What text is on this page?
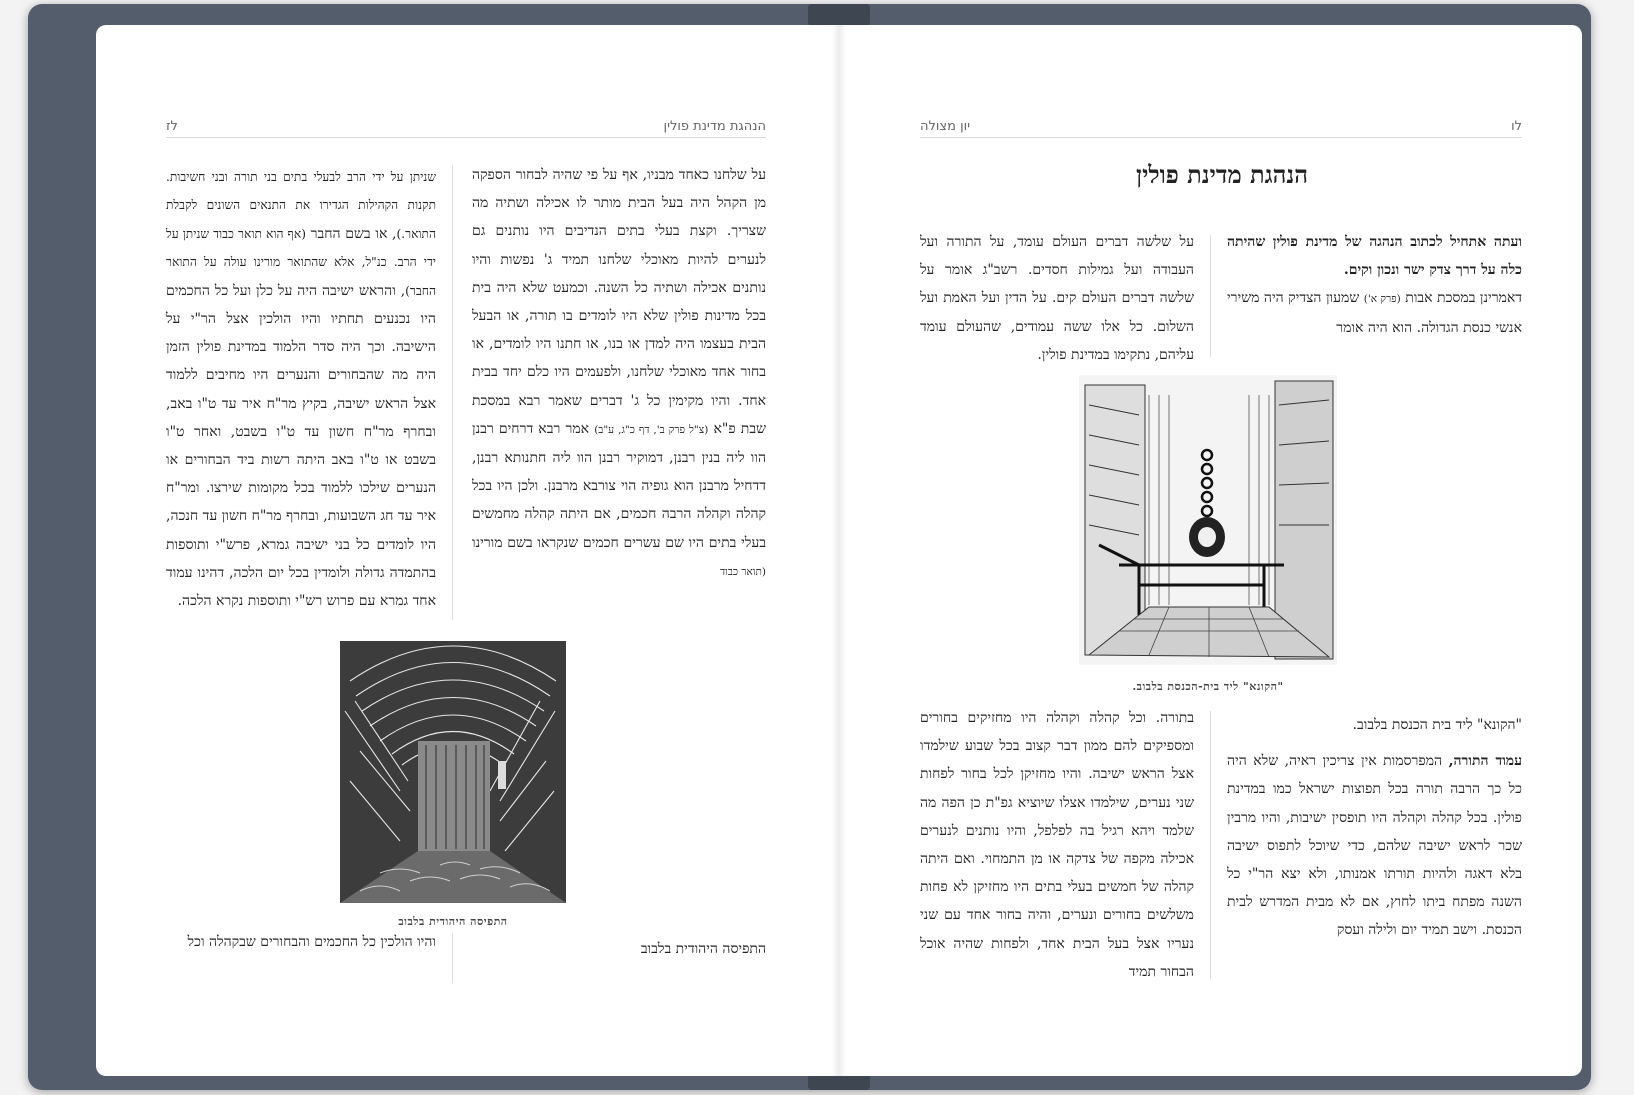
הנהגת מדינת פולין
לז

על שלחנו כאחד מבניו, אף על פי שהיה לבחור הספקה מן הקהל היה בעל הבית מותר לו אכילה ושתיה מה שצריך. וקצת בעלי בתים הנדיבים היו נותנים גם לנערים להיות מאוכלי שלחנו תמיד ג' נפשות והיו נותנים אכילה ושתיה כל השנה. וכמעט שלא היה בית בכל מדינות פולין שלא היו לומדים בו תורה, או הבעל הבית בעצמו היה למדן או בנו, או חתנו היו לומדים, או בחור אחד מאוכלי שלחנו, ולפעמים היו כלם יחד בבית אחד. והיו מקימין כל ג' דברים שאמר רבא במסכת שבת פ"א (צ"ל פרק ב', דף כ"ג, ע"ב) אמר רבא דרחים רבנן הוו ליה בנין רבנן, דמוקיר רבנן הוו ליה חתנותא רבנן, דדחיל מרבנן הוא גופיה הוי צורבא מרבנן. ולכן היו בכל קהלה וקהלה הרבה חכמים, אם היתה קהלה מחמשים בעלי בתים היו שם עשרים חכמים שנקראו בשם מורינו (תואר כבוד

שניתן על ידי הרב לבעלי בתים בני תורה ובני חשיבות. תקנות הקהילות הגדירו את התנאים השונים לקבלת התואר.), או בשם החבר (אף הוא תואר כבוד שניתן על ידי הרב. כנ"ל, אלא שהתואר מורינו עולה על התואר החבר), והראש ישיבה היה על כלן ועל כל החכמים היו נכנעים תחתיו והיו הולכין אצל הר"י על הישיבה. וכך היה סדר הלמוד במדינת פולין הזמן היה מה שהבחורים והנערים היו מחיבים ללמוד אצל הראש ישיבה, בקיץ מר"ח איר עד ט"ו באב, ובחרף מר"ח חשון עד ט"ו בשבט, ואחר ט"ו בשבט או ט"ו באב היתה רשות ביד הבחורים או הנערים שילכו ללמוד בכל מקומות שירצו. ומר"ח איר עד חג השבועות, ובחרף מר"ח חשון עד חנכה, היו לומדים כל בני ישיבה גמרא, פרש"י ותוספות בהתמדה גדולה ולומדין בכל יום הלכה, דהינו עמוד אחד גמרא עם פרוש רש"י ותוספות נקרא הלכה.

התפיסה היהודית בלבוב

התפיסה היהודית בלבוב

והיו הולכין כל החכמים והבחורים שבקהלה וכל

לו
יון מצולה
הנהגת מדינת פולין

ועתה אתחיל לכתוב הנהגה של מדינת פולין שהיתה כלה על דרך צדק ישר ונכון וקים.

דאמרינן במסכת אבות (פרק א') שמעון הצדיק היה משירי אנשי כנסת הגדולה. הוא היה אומר

על שלשה דברים העולם עומד, על התורה ועל העבודה ועל גמילות חסדים. רשב"ג אומר על שלשה דברים העולם קים. על הדין ועל האמת ועל השלום. כל אלו ששה עמודים, שהעולם עומד עליהם, נתקימו במדינת פולין.

"הקונא" ליד בית-הכנסת בלבוב.

"הקונא" ליד בית הכנסת בלבוב.

עמוד התורה, המפרסמות אין צריכין ראיה, שלא היה כל כך הרבה תורה בכל תפוצות ישראל כמו במדינת פולין. בכל קהלה וקהלה היו תופסין ישיבות, והיו מרבין שכר לראש ישיבה שלהם, כדי שיוכל לתפוס ישיבה בלא דאגה ולהיות תורתו אמנותו, ולא יצא הר"י כל השנה מפתח ביתו לחוץ, אם לא מבית המדרש לבית הכנסת. וישב תמיד יום ולילה ועסק

בתורה. וכל קהלה וקהלה היו מחזיקים בחורים ומספיקים להם ממון דבר קצוב בכל שבוע שילמדו אצל הראש ישיבה. והיו מחזיקן לכל בחור לפחות שני נערים, שילמדו אצלו שיוציא גפ"ת כן הפה מה שלמד ויהא רגיל בה לפלפל, והיו נותנים לנערים אכילה מקפה של צדקה או מן התמחוי. ואם היתה קהלה של חמשים בעלי בתים היו מחזיקן לא פחות משלשים בחורים ונערים, והיה בחור אחד עם שני נעריו אצל בעל הבית אחד, ולפחות שהיה אוכל הבחור תמיד
